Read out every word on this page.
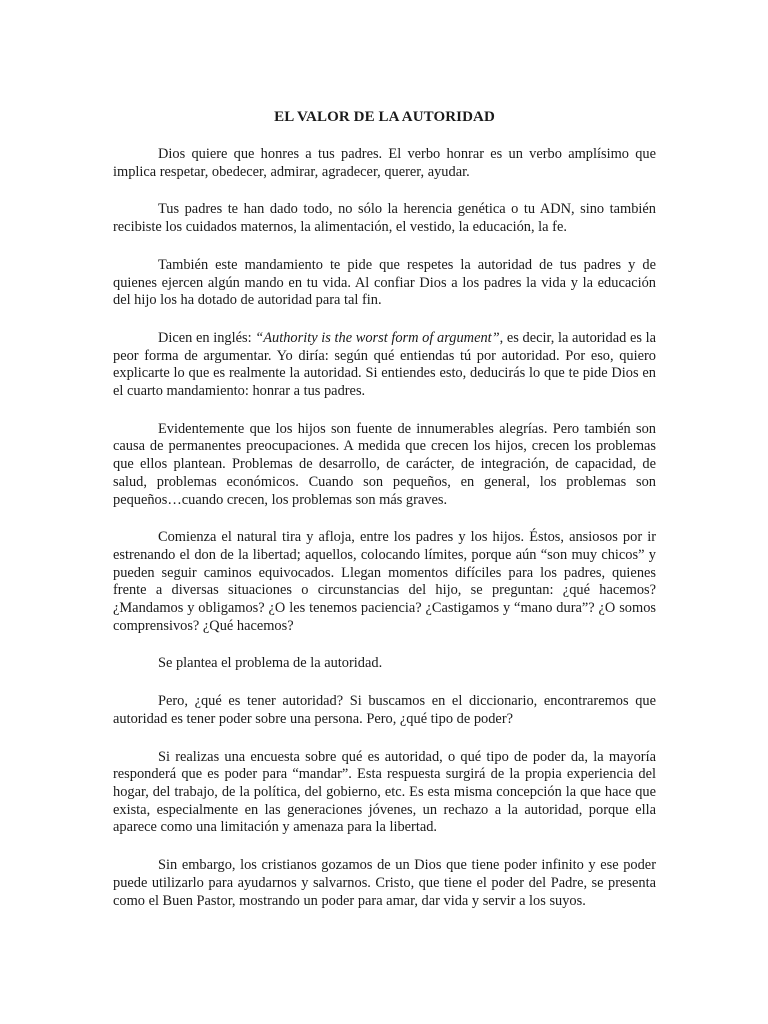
EL VALOR DE LA AUTORIDAD

Dios quiere que honres a tus padres. El verbo honrar es un verbo amplísimo que implica respetar, obedecer, admirar, agradecer, querer, ayudar.

Tus padres te han dado todo, no sólo la herencia genética o tu ADN, sino también recibiste los cuidados maternos, la alimentación, el vestido, la educación, la fe.

También este mandamiento te pide que respetes la autoridad de tus padres y de quienes ejercen algún mando en tu vida. Al confiar Dios a los padres la vida y la educación del hijo los ha dotado de autoridad para tal fin.

Dicen en inglés: “Authority is the worst form of argument”, es decir, la autoridad es la peor forma de argumentar. Yo diría: según qué entiendas tú por autoridad. Por eso, quiero explicarte lo que es realmente la autoridad. Si entiendes esto, deducirás lo que te pide Dios en el cuarto mandamiento: honrar a tus padres.

Evidentemente que los hijos son fuente de innumerables alegrías. Pero también son causa de permanentes preocupaciones. A medida que crecen los hijos, crecen los problemas que ellos plantean. Problemas de desarrollo, de carácter, de integración, de capacidad, de salud, problemas económicos. Cuando son pequeños, en general, los problemas son pequeños…cuando crecen, los problemas son más graves.

Comienza el natural tira y afloja, entre los padres y los hijos. Éstos, ansiosos por ir estrenando el don de la libertad; aquellos, colocando límites, porque aún “son muy chicos” y pueden seguir caminos equivocados. Llegan momentos difíciles para los padres, quienes frente a diversas situaciones o circunstancias del hijo, se preguntan: ¿qué hacemos? ¿Mandamos y obligamos? ¿O les tenemos paciencia? ¿Castigamos y “mano dura”? ¿O somos comprensivos? ¿Qué hacemos?

Se plantea el problema de la autoridad.

Pero, ¿qué es tener autoridad? Si buscamos en el diccionario, encontraremos que autoridad es tener poder sobre una persona. Pero, ¿qué tipo de poder?

Si realizas una encuesta sobre qué es autoridad, o qué tipo de poder da, la mayoría responderá que es poder para “mandar”. Esta respuesta surgirá de la propia experiencia del hogar, del trabajo, de la política, del gobierno, etc. Es esta misma concepción la que hace que exista, especialmente en las generaciones jóvenes, un rechazo a la autoridad, porque ella aparece como una limitación y amenaza para la libertad.

Sin embargo, los cristianos gozamos de un Dios que tiene poder infinito y ese poder puede utilizarlo para ayudarnos y salvarnos. Cristo, que tiene el poder del Padre, se presenta como el Buen Pastor, mostrando un poder para amar, dar vida y servir a los suyos.
